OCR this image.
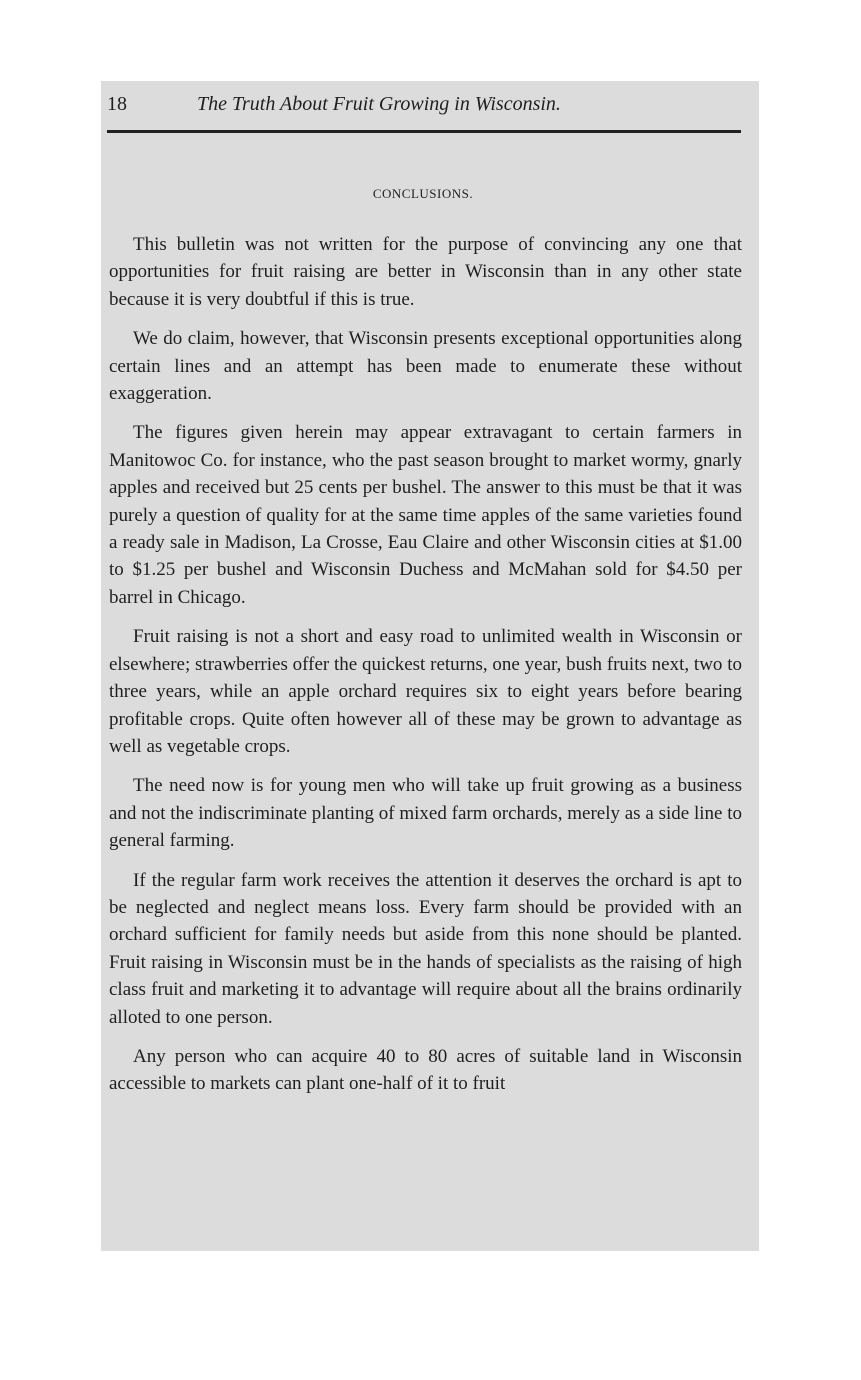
18	The Truth About Fruit Growing in Wisconsin.
CONCLUSIONS.

This bulletin was not written for the purpose of convincing any one that opportunities for fruit raising are better in Wisconsin than in any other state because it is very doubtful if this is true.

We do claim, however, that Wisconsin presents exceptional opportunities along certain lines and an attempt has been made to enumerate these without exaggeration.

The figures given herein may appear extravagant to certain farmers in Manitowoc Co. for instance, who the past season brought to market wormy, gnarly apples and received but 25 cents per bushel. The answer to this must be that it was purely a question of quality for at the same time apples of the same varieties found a ready sale in Madison, La Crosse, Eau Claire and other Wisconsin cities at $1.00 to $1.25 per bushel and Wisconsin Duchess and McMahan sold for $4.50 per barrel in Chicago.

Fruit raising is not a short and easy road to unlimited wealth in Wisconsin or elsewhere; strawberries offer the quickest returns, one year, bush fruits next, two to three years, while an apple orchard requires six to eight years before bearing profitable crops. Quite often however all of these may be grown to advantage as well as vegetable crops.

The need now is for young men who will take up fruit growing as a business and not the indiscriminate planting of mixed farm orchards, merely as a side line to general farming.

If the regular farm work receives the attention it deserves the orchard is apt to be neglected and neglect means loss. Every farm should be provided with an orchard sufficient for family needs but aside from this none should be planted. Fruit raising in Wisconsin must be in the hands of specialists as the raising of high class fruit and marketing it to advantage will require about all the brains ordinarily alloted to one person.

Any person who can acquire 40 to 80 acres of suitable land in Wisconsin accessible to markets can plant one-half of it to fruit
